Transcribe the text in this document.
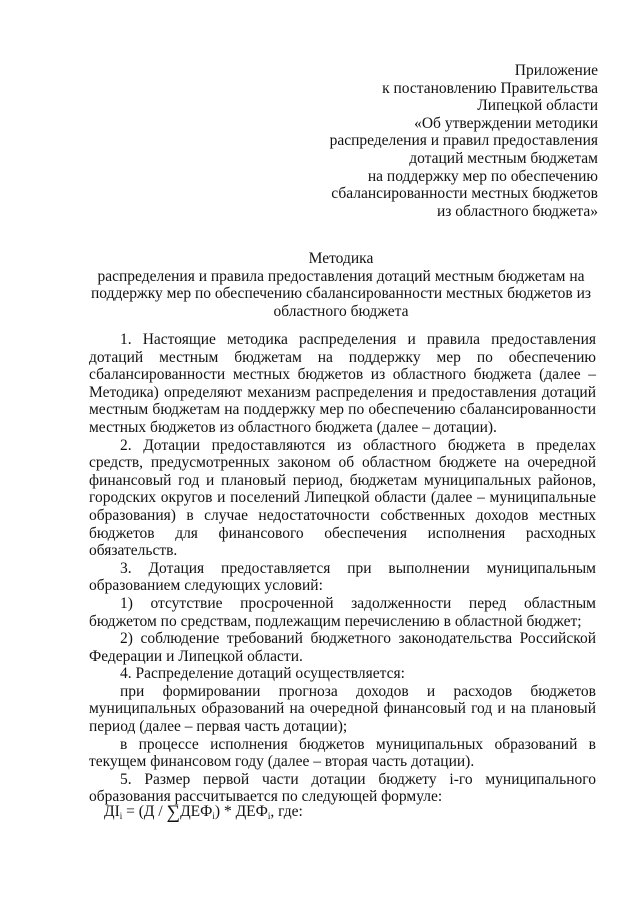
Приложение
к постановлению Правительства
Липецкой области
«Об утверждении методики
распределения и правил предоставления
дотаций местным бюджетам
на поддержку мер по обеспечению
сбалансированности местных бюджетов
из областного бюджета»
Методика
распределения и правила предоставления дотаций местным бюджетам на
поддержку мер по обеспечению сбалансированности местных бюджетов из
областного бюджета

1. Настоящие методика распределения и правила предоставления дотаций местным бюджетам на поддержку мер по обеспечению сбалансированности местных бюджетов из областного бюджета (далее – Методика) определяют механизм распределения и предоставления дотаций местным бюджетам на поддержку мер по обеспечению сбалансированности местных бюджетов из областного бюджета (далее – дотации).

2. Дотации предоставляются из областного бюджета в пределах средств, предусмотренных законом об областном бюджете на очередной финансовый год и плановый период, бюджетам муниципальных районов, городских округов и поселений Липецкой области (далее – муниципальные образования) в случае недостаточности собственных доходов местных бюджетов для финансового обеспечения исполнения расходных обязательств.

3. Дотация предоставляется при выполнении муниципальным образованием следующих условий:

1) отсутствие просроченной задолженности перед областным бюджетом по средствам, подлежащим перечислению в областной бюджет;

2) соблюдение требований бюджетного законодательства Российской Федерации и Липецкой области.

4. Распределение дотаций осуществляется:

при формировании прогноза доходов и расходов бюджетов муниципальных образований на очередной финансовый год и на плановый период (далее – первая часть дотации);

в процессе исполнения бюджетов муниципальных образований в текущем финансовом году (далее – вторая часть дотации).

5. Размер первой части дотации бюджету i-го муниципального образования рассчитывается по следующей формуле:

$ДI_i = (Д / \sum ДЕФ_i) * ДЕФ_i$, где:
